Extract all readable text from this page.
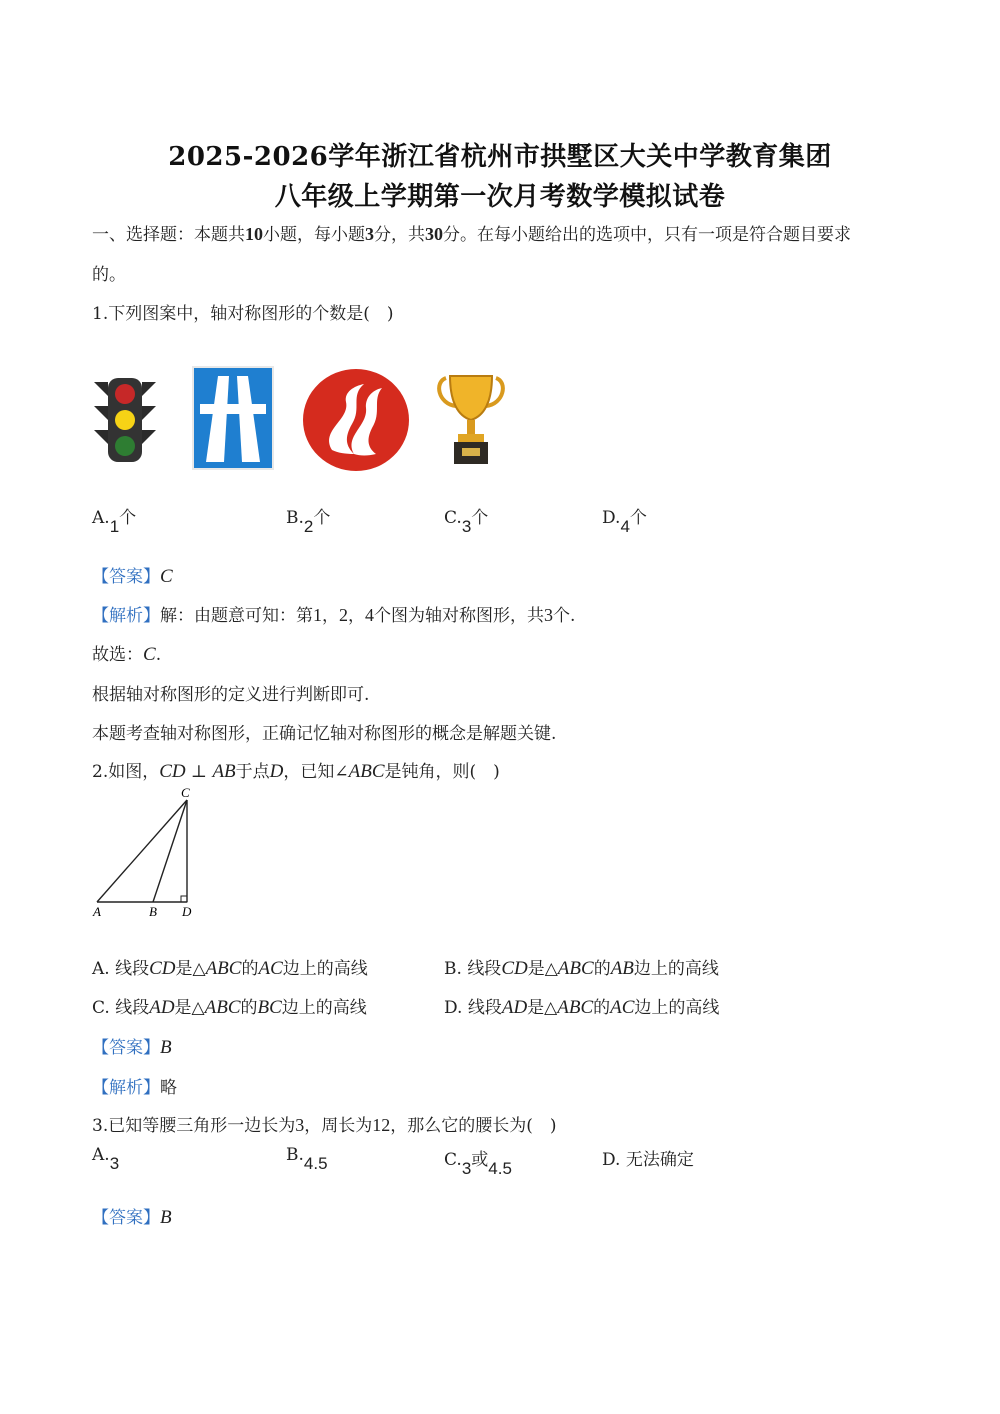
2025-2026学年浙江省杭州市拱墅区大关中学教育集团
八年级上学期第一次月考数学模拟试卷
一、选择题：本题共10小题，每小题3分，共30分。在每小题给出的选项中，只有一项是符合题目要求
的。
1.下列图案中，轴对称图形的个数是(　)
A.1个	B.2个	C.3个	D.4个
【答案】C
【解析】解：由题意可知：第1，2，4个图为轴对称图形，共3个.
故选：C.
根据轴对称图形的定义进行判断即可.
本题考查轴对称图形，正确记忆轴对称图形的概念是解题关键.
2.如图，CD ⊥ AB于点D，已知∠ABC是钝角，则(　)
C
A	B D
A. 线段CD是△ABC的AC边上的高线	B. 线段CD是△ABC的AB边上的高线
C. 线段AD是△ABC的BC边上的高线	D. 线段AD是△ABC的AC边上的高线
【答案】B
【解析】略
3.已知等腰三角形一边长为3，周长为12，那么它的腰长为(　)
A.3	B.4.5	C.3或4.5	D. 无法确定
【答案】B
